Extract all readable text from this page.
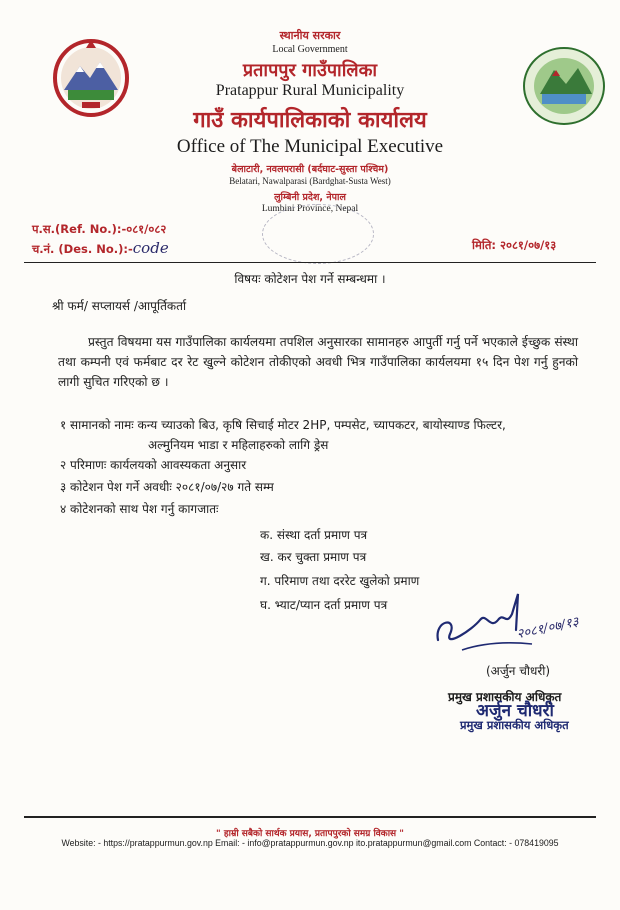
स्थानीय सरकार
Local Government
प्रतापपुर गाउँपालिका
Pratappur Rural Municipality
गाउँ कार्यपालिकाको कार्यालय
Office of The Municipal Executive
बेलाटारी, नवलपरासी (बर्दघाट-सुस्ता पश्चिम)
Belatari, Nawalparasi (Bardghat-Susta West)
लुम्बिनी प्रदेश, नेपाल
Lumbini Province, Nepal
प.स.(Ref. No.):-०८१/०८२
च.नं. (Des. No.):-code	मिति: २०८१/०७/१३
विषयः कोटेशन पेश गर्ने सम्बन्धमा ।
श्री फर्म/ सप्लायर्स /आपूर्तिकर्ता
प्रस्तुत विषयमा यस गाउँपालिका कार्यलयमा तपशिल अनुसारका सामानहरु आपुर्ती गर्नु पर्ने भएकाले ईच्छुक संस्था तथा कम्पनी एवं फर्मबाट दर रेट खुल्ने कोटेशन तोकीएको अवधी भित्र गाउँपालिका कार्यलयमा १५ दिन पेश गर्नु हुनको लागी सुचित गरिएको छ ।
१ सामानको नामः कन्य च्याउको बिउ, कृषि सिचाई मोटर 2HP, पम्पसेट, च्यापकटर, बायोस्याण्ड फिल्टर,
अल्मुनियम भाडा र महिलाहरुको लागि ड्रेस
२ परिमाणः कार्यलयको आवस्यकता अनुसार
३ कोटेशन पेश गर्ने अवधीः २०८१/०७/२७ गते सम्म
४ कोटेशनको साथ पेश गर्नु कागजातः
क. संस्था दर्ता प्रमाण पत्र
ख. कर चुक्ता प्रमाण पत्र
ग. परिमाण तथा दररेट खुलेको प्रमाण
घ. भ्याट/प्यान दर्ता प्रमाण पत्र
२०८१/०७/१३
(अर्जुन चौधरी)
प्रमुख प्रशासकीय अधिकृत
अर्जुन चौधरी
प्रमुख प्रशासकीय अधिकृत
" हाम्री सबैको सार्थक प्रयास, प्रतापपुरको समग्र विकास "
Website: - https://pratappurmun.gov.np Email: - info@pratappurmun.gov.np ito.pratappurmun@gmail.com Contact: - 078419095
